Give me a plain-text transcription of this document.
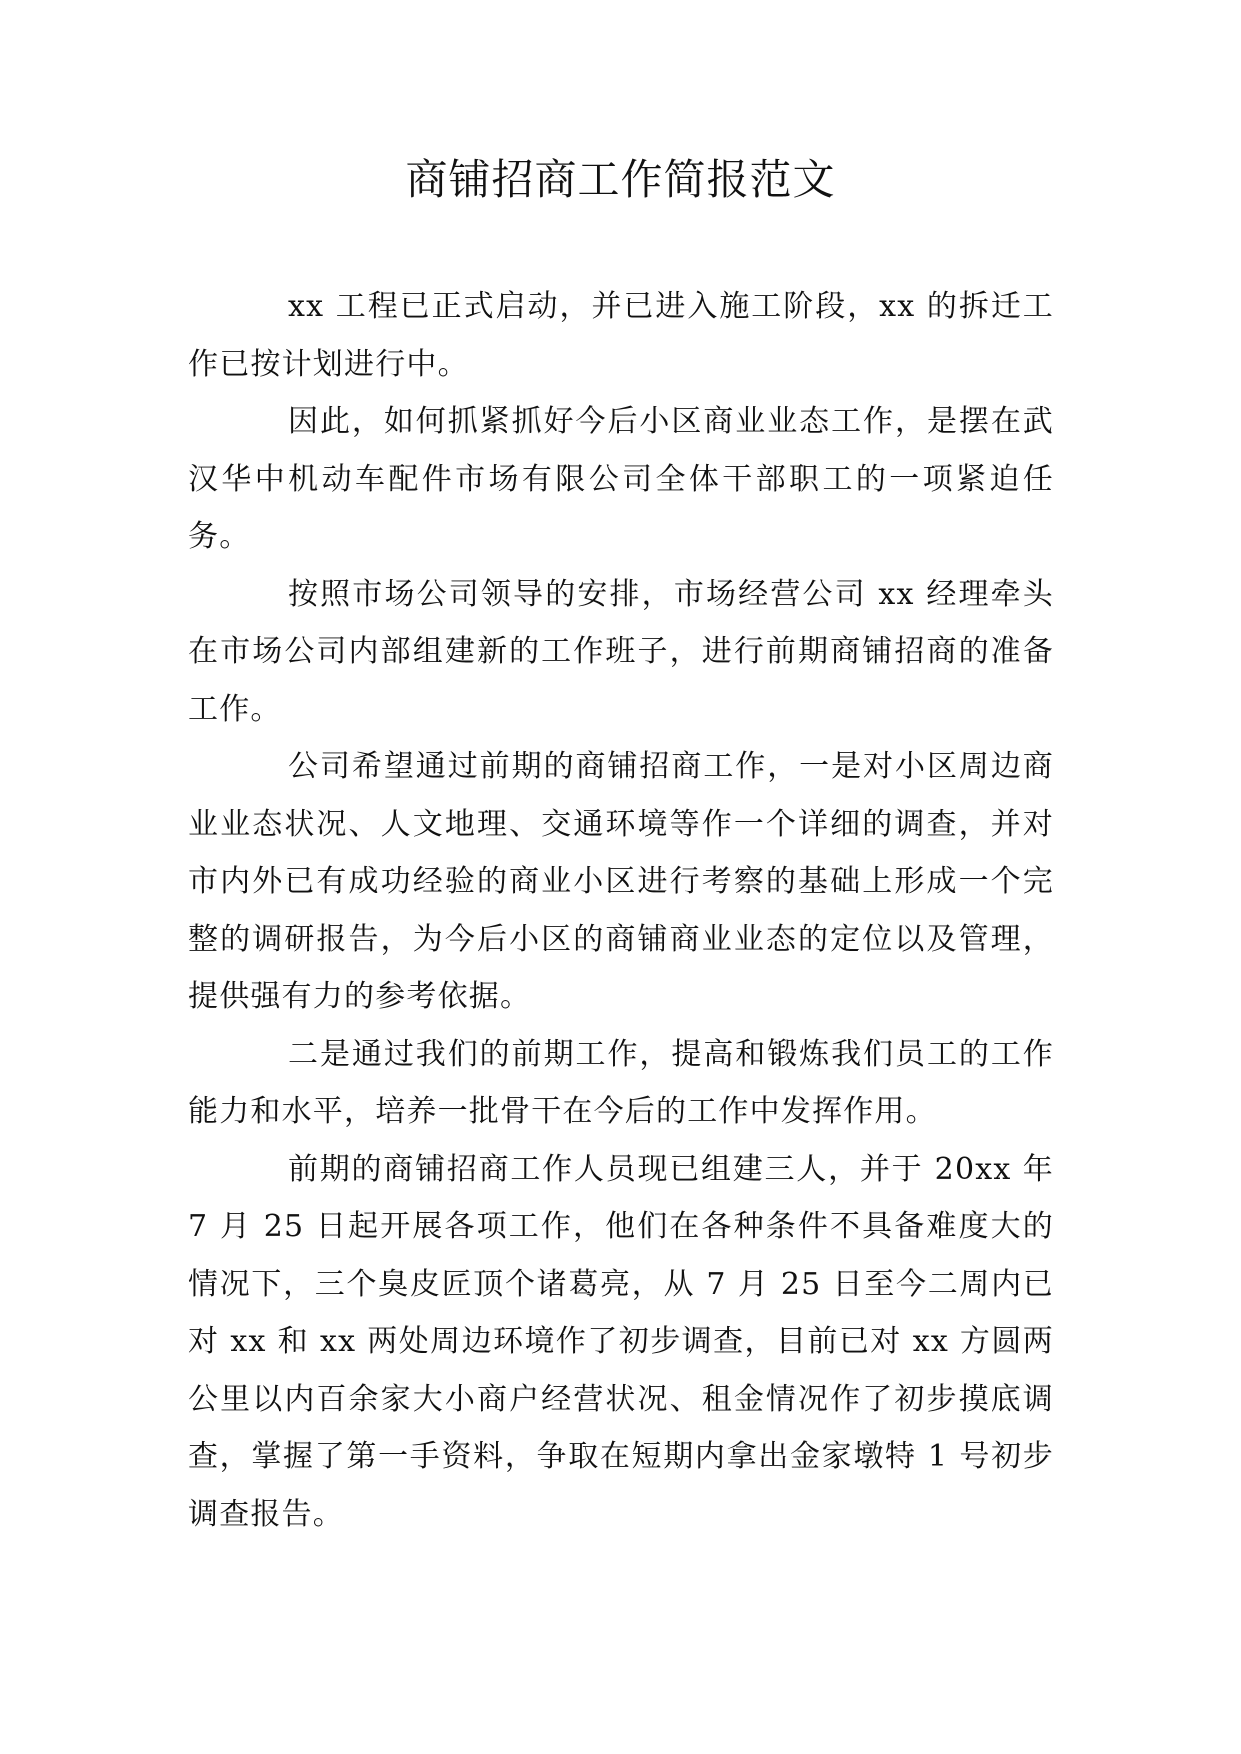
商铺招商工作简报范文

xx 工程已正式启动，并已进入施工阶段，xx 的拆迁工作已按计划进行中。

因此，如何抓紧抓好今后小区商业业态工作，是摆在武汉华中机动车配件市场有限公司全体干部职工的一项紧迫任务。

按照市场公司领导的安排，市场经营公司 xx 经理牵头在市场公司内部组建新的工作班子，进行前期商铺招商的准备工作。

公司希望通过前期的商铺招商工作，一是对小区周边商业业态状况、人文地理、交通环境等作一个详细的调查，并对市内外已有成功经验的商业小区进行考察的基础上形成一个完整的调研报告，为今后小区的商铺商业业态的定位以及管理，提供强有力的参考依据。

二是通过我们的前期工作，提高和锻炼我们员工的工作能力和水平，培养一批骨干在今后的工作中发挥作用。

前期的商铺招商工作人员现已组建三人，并于 20xx 年 7 月 25 日起开展各项工作，他们在各种条件不具备难度大的情况下，三个臭皮匠顶个诸葛亮，从 7 月 25 日至今二周内已对 xx 和 xx 两处周边环境作了初步调查，目前已对 xx 方圆两公里以内百余家大小商户经营状况、租金情况作了初步摸底调查，掌握了第一手资料，争取在短期内拿出金家墩特 1 号初步调查报告。
